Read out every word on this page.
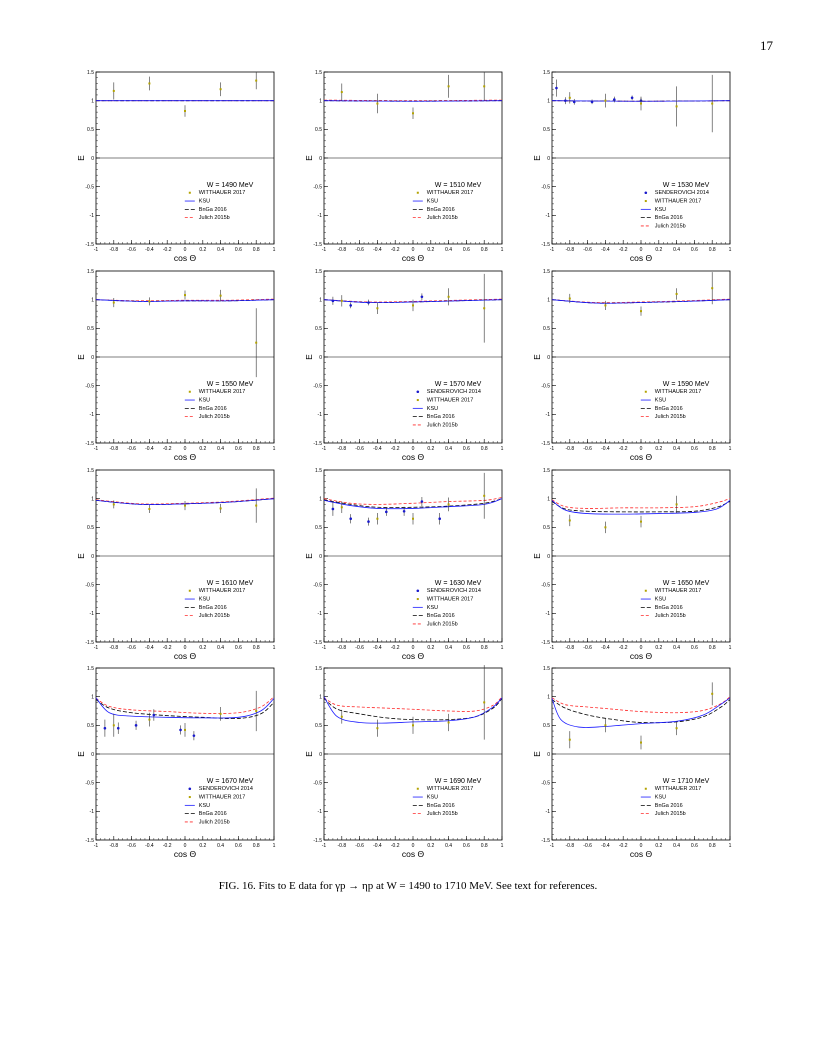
17
-1 -0.8 -0.6 -0.4 -0.2 0	0.2 0.4 0.6 0.8	1
-1.5
-1
-0.5
0
0.5
1
1.5
cos Θ
E
W = 1490 MeV
WITTHAUER 2017
KSU
BnGa 2016
Julich 2015b
-1 -0.8 -0.6 -0.4 -0.2 0	0.2 0.4 0.6 0.8	1
-1.5
-1
-0.5
0
0.5
1
1.5
cos Θ
E
W = 1510 MeV
WITTHAUER 2017
KSU
BnGa 2016
Julich 2015b
-1 -0.8 -0.6 -0.4 -0.2 0	0.2 0.4 0.6 0.8	1
-1.5
-1
-0.5
0
0.5
1
1.5
cos Θ
E
W = 1530 MeV
SENDEROVICH 2014
WITTHAUER 2017
KSU
BnGa 2016
Julich 2015b
-1 -0.8 -0.6 -0.4 -0.2 0	0.2 0.4 0.6 0.8	1
-1.5
-1
-0.5
0
0.5
1
1.5
cos Θ
E
W = 1550 MeV
WITTHAUER 2017
KSU
BnGa 2016
Julich 2015b
-1 -0.8 -0.6 -0.4 -0.2 0	0.2 0.4 0.6 0.8	1
-1.5
-1
-0.5
0
0.5
1
1.5
cos Θ
E
W = 1570 MeV
SENDEROVICH 2014
WITTHAUER 2017
KSU
BnGa 2016
Julich 2015b
-1 -0.8 -0.6 -0.4 -0.2 0	0.2 0.4 0.6 0.8	1
-1.5
-1
-0.5
0
0.5
1
1.5
cos Θ
E
W = 1590 MeV
WITTHAUER 2017
KSU
BnGa 2016
Julich 2015b
-1 -0.8 -0.6 -0.4 -0.2 0	0.2 0.4 0.6 0.8	1
-1.5
-1
-0.5
0
0.5
1
1.5
cos Θ
E
W = 1610 MeV
WITTHAUER 2017
KSU
BnGa 2016
Julich 2015b
-1 -0.8 -0.6 -0.4 -0.2 0	0.2 0.4 0.6 0.8	1
-1.5
-1
-0.5
0
0.5
1
1.5
cos Θ
E
W = 1630 MeV
SENDEROVICH 2014
WITTHAUER 2017
KSU
BnGa 2016
Julich 2015b
-1 -0.8 -0.6 -0.4 -0.2 0	0.2 0.4 0.6 0.8	1
-1.5
-1
-0.5
0
0.5
1
1.5
cos Θ
E
W = 1650 MeV
WITTHAUER 2017
KSU
BnGa 2016
Julich 2015b
-1 -0.8 -0.6 -0.4 -0.2 0	0.2 0.4 0.6 0.8	1
-1.5
-1
-0.5
0
0.5
1
1.5
cos Θ
E
W = 1670 MeV
SENDEROVICH 2014
WITTHAUER 2017
KSU
BnGa 2016
Julich 2015b
-1 -0.8 -0.6 -0.4 -0.2 0	0.2 0.4 0.6 0.8	1
-1.5
-1
-0.5
0
0.5
1
1.5
cos Θ
E
W = 1690 MeV
WITTHAUER 2017
KSU
BnGa 2016
Julich 2015b
-1 -0.8 -0.6 -0.4 -0.2 0	0.2 0.4 0.6 0.8	1
-1.5
-1
-0.5
0
0.5
1
1.5
cos Θ
E
W = 1710 MeV
WITTHAUER 2017
KSU
BnGa 2016
Julich 2015b
FIG. 16. Fits to E data for γp → ηp at W = 1490 to 1710 MeV. See text for references.
